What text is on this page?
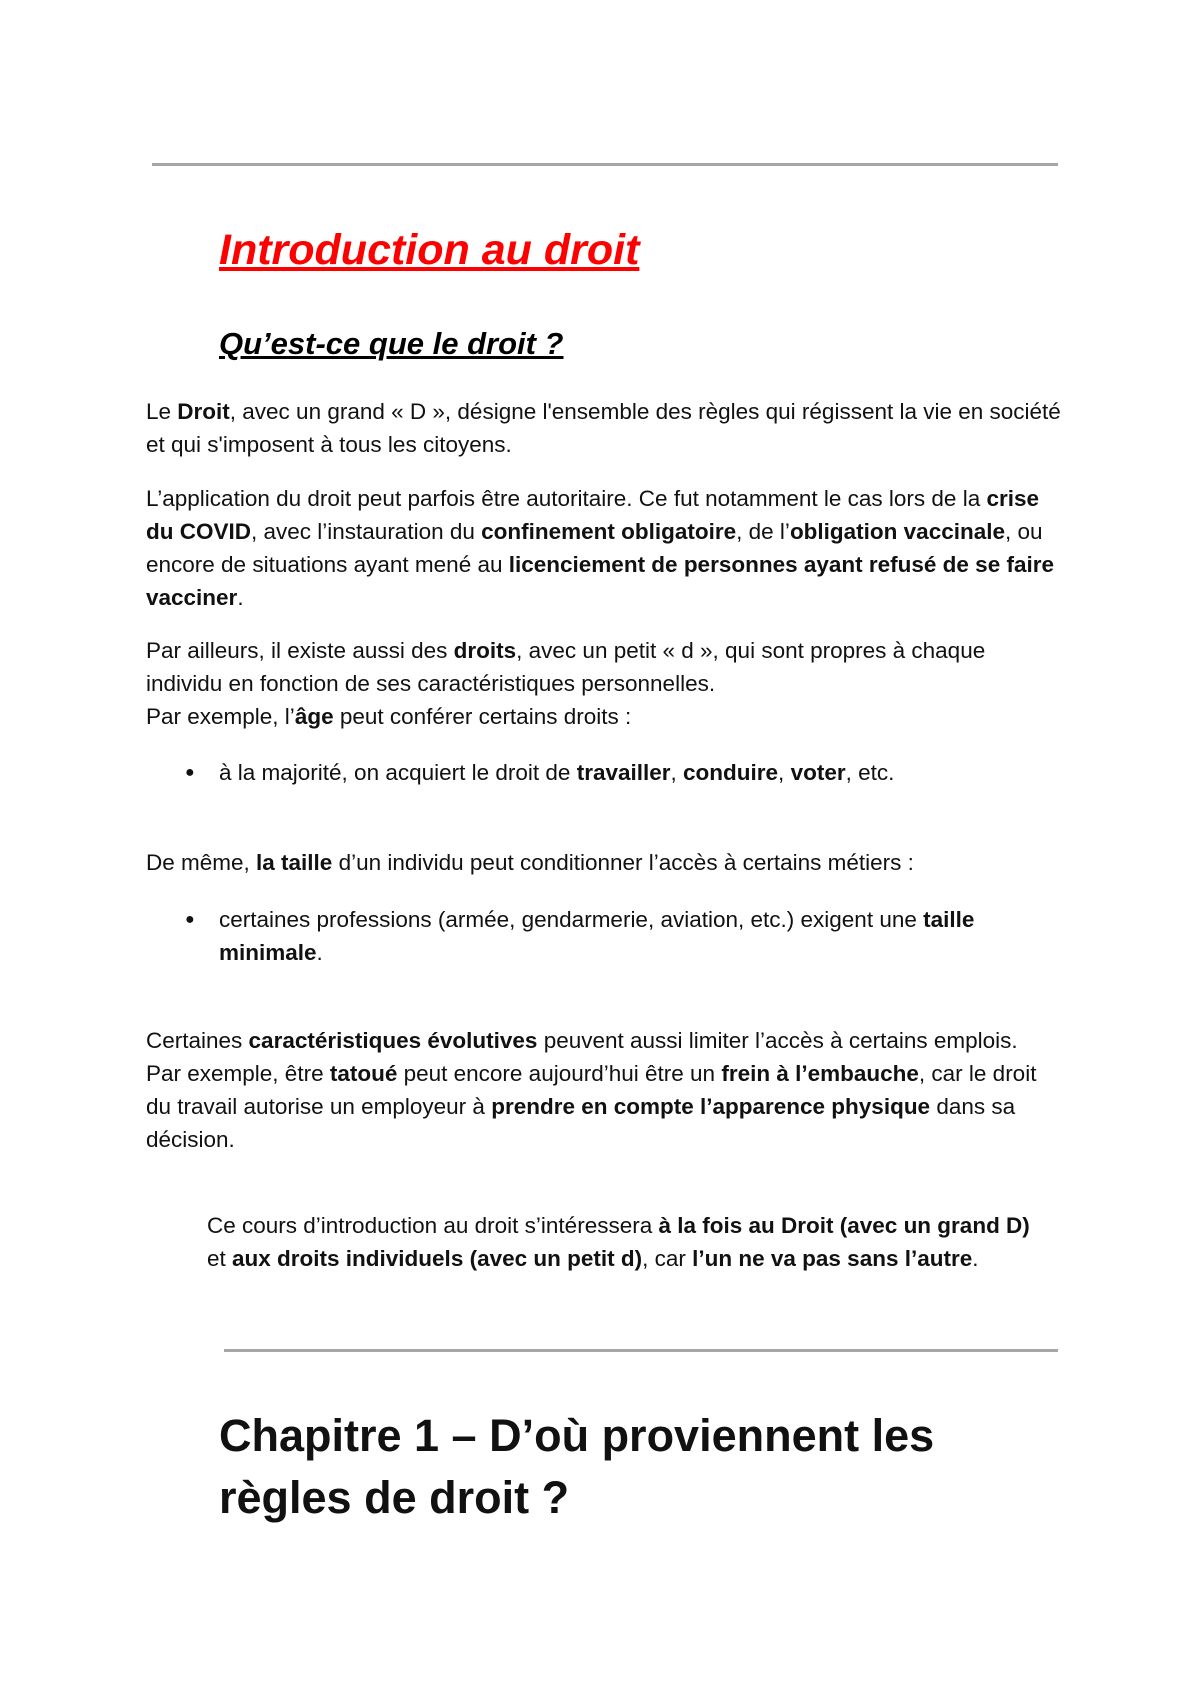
Introduction au droit
Qu’est-ce que le droit ?

Le Droit, avec un grand « D », désigne l'ensemble des règles qui régissent la vie en société et qui s'imposent à tous les citoyens.

L’application du droit peut parfois être autoritaire. Ce fut notamment le cas lors de la crise du COVID, avec l’instauration du confinement obligatoire, de l’obligation vaccinale, ou encore de situations ayant mené au licenciement de personnes ayant refusé de se faire vacciner.

Par ailleurs, il existe aussi des droits, avec un petit « d », qui sont propres à chaque individu en fonction de ses caractéristiques personnelles.
Par exemple, l’âge peut conférer certains droits :

● à la majorité, on acquiert le droit de travailler, conduire, voter, etc.

De même, la taille d’un individu peut conditionner l’accès à certains métiers :

● certaines professions (armée, gendarmerie, aviation, etc.) exigent une taille minimale.

Certaines caractéristiques évolutives peuvent aussi limiter l’accès à certains emplois.
Par exemple, être tatoué peut encore aujourd’hui être un frein à l’embauche, car le droit du travail autorise un employeur à prendre en compte l’apparence physique dans sa décision.

Ce cours d’introduction au droit s’intéressera à la fois au Droit (avec un grand D) et aux droits individuels (avec un petit d), car l’un ne va pas sans l’autre.

Chapitre 1 – D’où proviennent les règles de droit ?
